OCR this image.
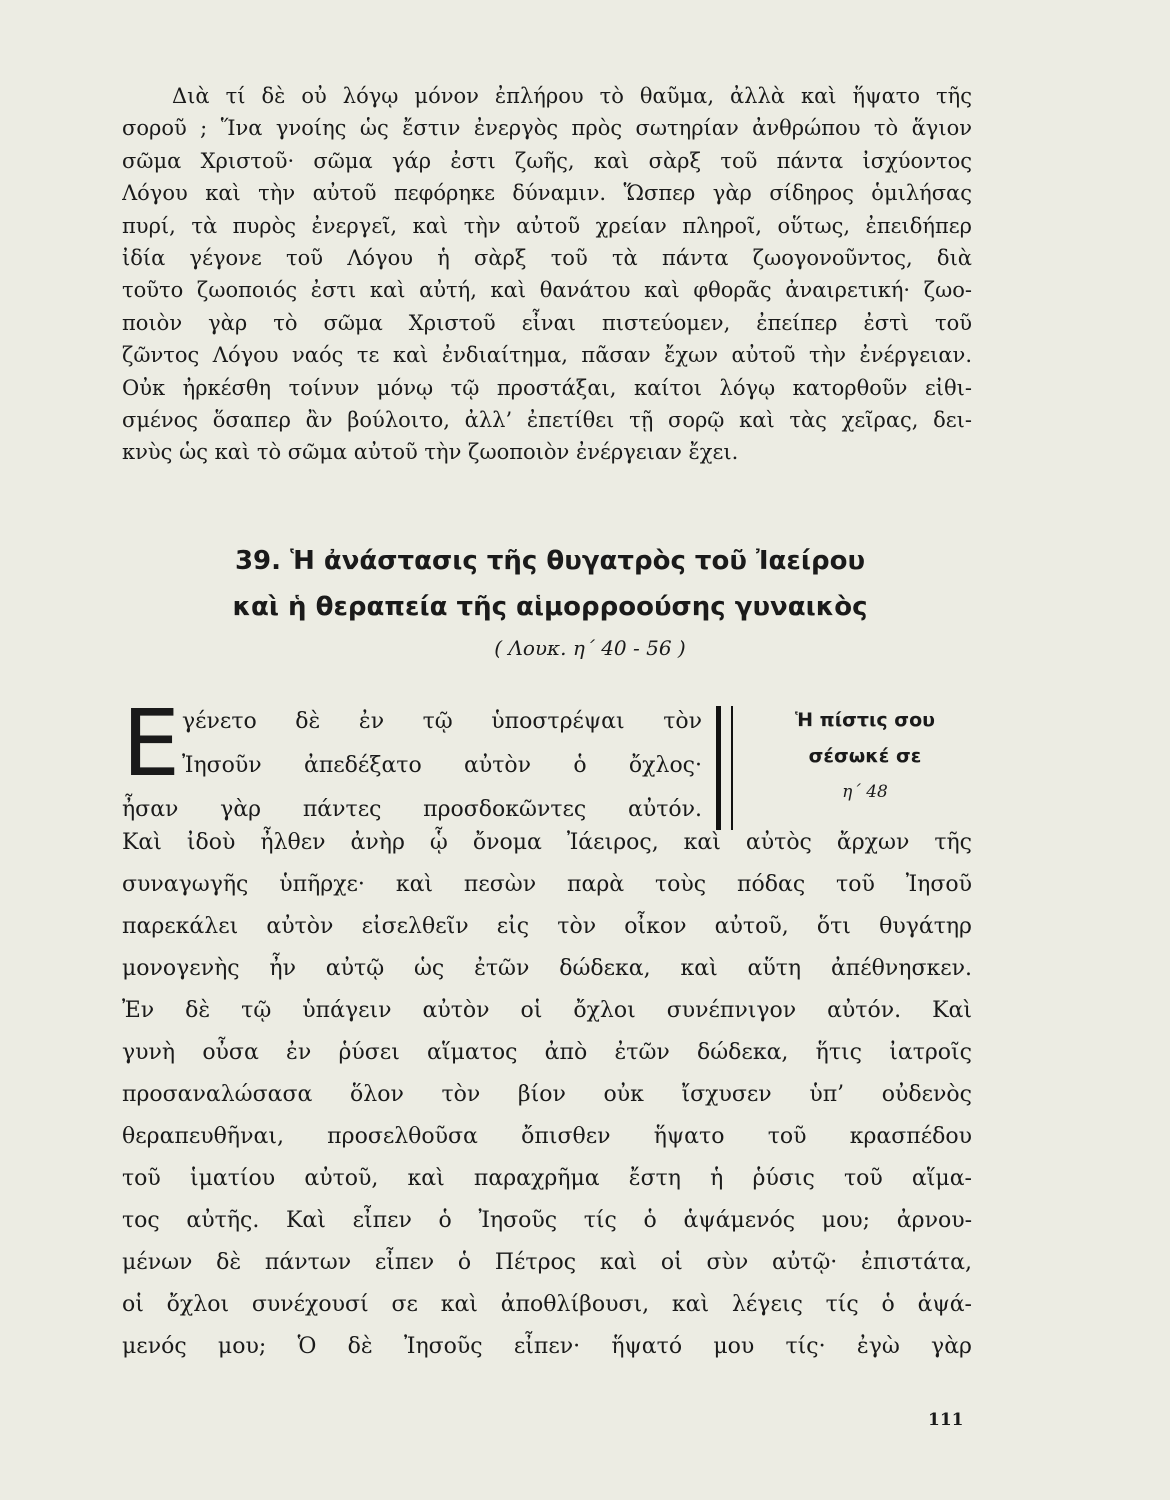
Διὰ τί δὲ οὐ λόγῳ μόνον ἐπλήρου τὸ θαῦμα, ἀλλὰ καὶ ἥψατο τῆς
σοροῦ ; Ἵνα γνοίης ὡς ἔστιν ἐνεργὸς πρὸς σωτηρίαν ἀνθρώπου τὸ ἅγιον
σῶμα Χριστοῦ· σῶμα γάρ ἐστι ζωῆς, καὶ σὰρξ τοῦ πάντα ἰσχύοντος
Λόγου καὶ τὴν αὐτοῦ πεφόρηκε δύναμιν. Ὥσπερ γὰρ σίδηρος ὁμιλήσας
πυρί, τὰ πυρὸς ἐνεργεῖ, καὶ τὴν αὐτοῦ χρείαν πληροῖ, οὕτως, ἐπειδήπερ
ἰδία γέγονε τοῦ Λόγου ἡ σὰρξ τοῦ τὰ πάντα ζωογονοῦντος, διὰ
τοῦτο ζωοποιός ἐστι καὶ αὐτή, καὶ θανάτου καὶ φθορᾶς ἀναιρετική· ζωο-
ποιὸν γὰρ τὸ σῶμα Χριστοῦ εἶναι πιστεύομεν, ἐπείπερ ἐστὶ τοῦ
ζῶντος Λόγου ναός τε καὶ ἐνδιαίτημα, πᾶσαν ἔχων αὐτοῦ τὴν ἐνέργειαν.
Οὐκ ἠρκέσθη τοίνυν μόνῳ τῷ προστάξαι, καίτοι λόγῳ κατορθοῦν εἰθι-
σμένος ὅσαπερ ἂν βούλοιτο, ἀλλ’ ἐπετίθει τῇ σορῷ καὶ τὰς χεῖρας, δει-
κνὺς ὡς καὶ τὸ σῶμα αὐτοῦ τὴν ζωοποιὸν ἐνέργειαν ἔχει.
39. Ἡ ἀνάστασις τῆς θυγατρὸς τοῦ Ἰαείρου
καὶ ἡ θεραπεία τῆς αἱμορροούσης γυναικὸς
( Λουκ. η΄ 40 - 56 )
Ε γένετο δὲ ἐν τῷ ὑποστρέψαι τὸν
Ἰησοῦν ἀπεδέξατο αὐτὸν ὁ ὄχλος·
ἦσαν γὰρ πάντες προσδοκῶντες αὐτόν.
Ἡ πίστις σου
σέσωκέ σε
η΄ 48
Καὶ ἰδοὺ ἦλθεν ἀνὴρ ᾧ ὄνομα Ἰάειρος, καὶ αὐτὸς ἄρχων τῆς
συναγωγῆς ὑπῆρχε· καὶ πεσὼν παρὰ τοὺς πόδας τοῦ Ἰησοῦ
παρεκάλει αὐτὸν εἰσελθεῖν εἰς τὸν οἶκον αὐτοῦ, ὅτι θυγάτηρ
μονογενὴς ἦν αὐτῷ ὡς ἐτῶν δώδεκα, καὶ αὕτη ἀπέθνησκεν.
Ἐν δὲ τῷ ὑπάγειν αὐτὸν οἱ ὄχλοι συνέπνιγον αὐτόν. Καὶ
γυνὴ οὖσα ἐν ῥύσει αἵματος ἀπὸ ἐτῶν δώδεκα, ἥτις ἰατροῖς
προσαναλώσασα ὅλον τὸν βίον οὐκ ἴσχυσεν ὑπ’ οὐδενὸς
θεραπευθῆναι, προσελθοῦσα ὄπισθεν ἥψατο τοῦ κρασπέδου
τοῦ ἱματίου αὐτοῦ, καὶ παραχρῆμα ἔστη ἡ ῥύσις τοῦ αἵμα-
τος αὐτῆς. Καὶ εἶπεν ὁ Ἰησοῦς τίς ὁ ἁψάμενός μου; ἀρνου-
μένων δὲ πάντων εἶπεν ὁ Πέτρος καὶ οἱ σὺν αὐτῷ· ἐπιστάτα,
οἱ ὄχλοι συνέχουσί σε καὶ ἀποθλίβουσι, καὶ λέγεις τίς ὁ ἁψά-
μενός μου; Ὁ δὲ Ἰησοῦς εἶπεν· ἥψατό μου τίς· ἐγὼ γὰρ
111
